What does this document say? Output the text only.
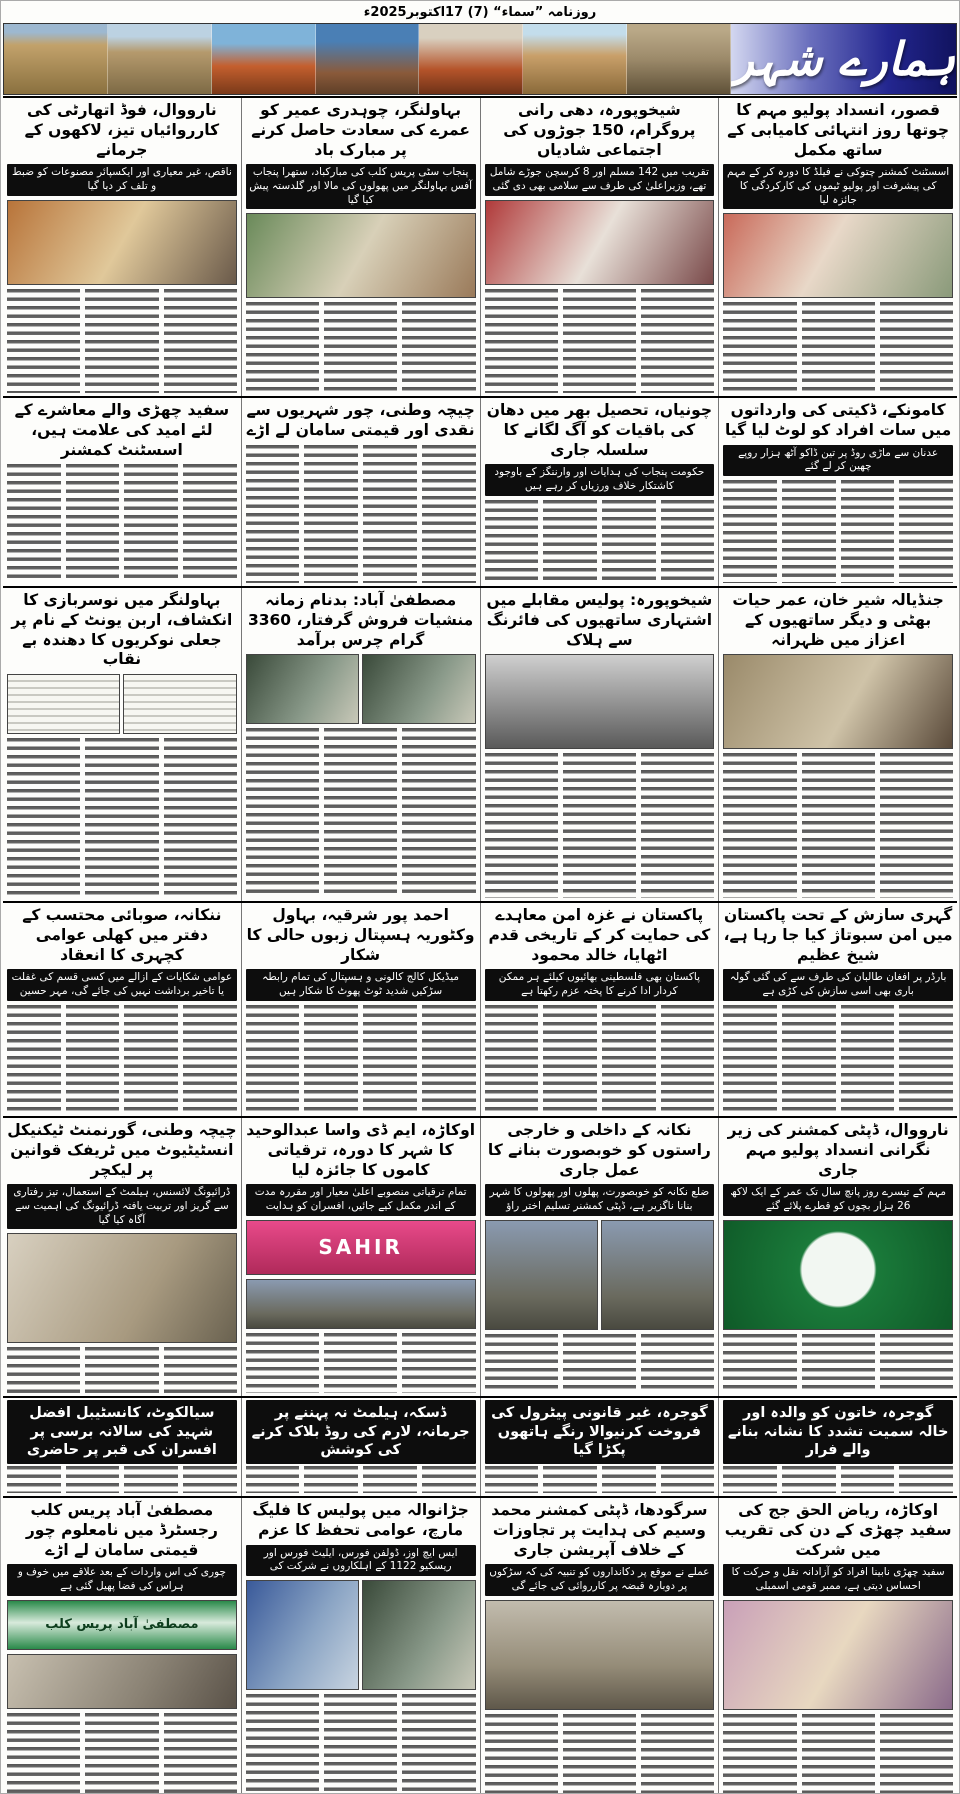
روزنامہ ”سماء“ (7) 17اکتوبر2025ء
ہمارے شہر
قصور، انسداد پولیو مہم کا چوتھا روز انتہائی کامیابی کے ساتھ مکمل
اسسٹنٹ کمشنر چتوکی نے فیلڈ کا دورہ کر کے مہم کی پیشرفت اور پولیو ٹیموں کی کارکردگی کا جائزہ لیا
شیخوپورہ، دھی رانی پروگرام، 150 جوڑوں کی اجتماعی شادیاں
تقریب میں 142 مسلم اور 8 کرسچن جوڑے شامل تھے، وزیراعلیٰ کی طرف سے سلامی بھی دی گئی
بہاولنگر، چوہدری عمیر کو عمرے کی سعادت حاصل کرنے پر مبارک باد
پنجاب سٹی پریس کلب کی مبارکباد، ستھرا پنجاب آفس بہاولنگر میں پھولوں کی مالا اور گلدستہ پیش کیا گیا
نارووال، فوڈ اتھارٹی کی کارروائیاں تیز، لاکھوں کے جرمانے
ناقص، غیر معیاری اور ایکسپائر مصنوعات کو ضبط و تلف کر دیا گیا
کامونکے، ڈکیتی کی وارداتوں میں سات افراد کو لوٹ لیا گیا
عدنان سے ماڑی روڈ پر تین ڈاکو آٹھ ہزار روپے چھین کر لے گئے
چونیاں، تحصیل بھر میں دھان کی باقیات کو آگ لگانے کا سلسلہ جاری
حکومت پنجاب کی ہدایات اور وارننگز کے باوجود کاشتکار خلاف ورزیاں کر رہے ہیں
چیچہ وطنی، چور شہریوں سے نقدی اور قیمتی سامان لے اڑے
سفید چھڑی والے معاشرے کے لئے امید کی علامت ہیں، اسسٹنٹ کمشنر
جنڈیالہ شیر خان، عمر حیات بھٹی و دیگر ساتھیوں کے اعزاز میں ظہرانہ
شیخوپورہ: پولیس مقابلے میں اشتہاری ساتھیوں کی فائرنگ سے ہلاک
مصطفیٰ آباد: بدنام زمانہ منشیات فروش گرفتار، 3360 گرام چرس برآمد
بہاولنگر میں نوسربازی کا انکشاف، اربن یونٹ کے نام پر جعلی نوکریوں کا دھندہ بے نقاب
گہری سازش کے تحت پاکستان میں امن سبوتاژ کیا جا رہا ہے، شیخ عظیم
بارڈر پر افغان طالبان کی طرف سے کی گئی گولہ باری بھی اسی سازش کی کڑی ہے
پاکستان نے غزہ امن معاہدے کی حمایت کر کے تاریخی قدم اٹھایا، خالد محمود
پاکستان بھی فلسطینی بھائیوں کیلئے ہر ممکن کردار ادا کرنے کا پختہ عزم رکھتا ہے
احمد پور شرقیہ، بہاول وکٹوریہ ہسپتال زبوں حالی کا شکار
میڈیکل کالج کالونی و ہسپتال کی تمام رابطہ سڑکیں شدید ٹوٹ پھوٹ کا شکار ہیں
ننکانہ، صوبائی محتسب کے دفتر میں کھلی عوامی کچہری کا انعقاد
عوامی شکایات کے ازالے میں کسی قسم کی غفلت یا تاخیر برداشت نہیں کی جائے گی، مہر حسین
نارووال، ڈپٹی کمشنر کی زیر نگرانی انسداد پولیو مہم جاری
مہم کے تیسرے روز پانچ سال تک عمر کے ایک لاکھ 26 ہزار بچوں کو قطرے پلائے گئے
نکانہ کے داخلی و خارجی راستوں کو خوبصورت بنانے کا عمل جاری
ضلع نکانہ کو خوبصورت، پھلوں اور پھولوں کا شہر بنانا ناگزیر ہے، ڈپٹی کمشنر تسلیم اختر راؤ
اوکاڑہ، ایم ڈی واسا عبدالوحید کا شہر کا دورہ، ترقیاتی کاموں کا جائزہ لیا
تمام ترقیاتی منصوبے اعلیٰ معیار اور مقررہ مدت کے اندر مکمل کیے جائیں، افسران کو ہدایت
SAHIR
چیچہ وطنی، گورنمنٹ ٹیکنیکل انسٹیٹیوٹ میں ٹریفک قوانین پر لیکچر
ڈرائیونگ لائسنس، ہیلمٹ کے استعمال، تیز رفتاری سے گریز اور تربیت یافتہ ڈرائیونگ کی اہمیت سے آگاہ کیا گیا
گوجرہ، خاتون کو والدہ اور خالہ سمیت تشدد کا نشانہ بنانے والے فرار
گوجرہ، غیر قانونی پیٹرول کی فروخت کرنیوالا رنگے ہاتھوں پکڑا گیا
ڈسکہ، ہیلمٹ نہ پہننے پر جرمانہ، لارم کی روڈ بلاک کرنے کی کوشش
سیالکوٹ، کانسٹیبل افضل شہید کی سالانہ برسی پر افسران کی قبر پر حاضری
اوکاڑہ، ریاض الحق جج کی سفید چھڑی کے دن کی تقریب میں شرکت
سفید چھڑی نابینا افراد کو آزادانہ نقل و حرکت کا احساس دیتی ہے، ممبر قومی اسمبلی
سرگودھا، ڈپٹی کمشنر محمد وسیم کی ہدایت پر تجاوزات کے خلاف آپریشن جاری
عملے نے موقع پر دکانداروں کو تنبیہ کی کہ سڑکوں پر دوبارہ قبضہ پر کارروائی کی جائے گی
جڑانوالہ میں پولیس کا فلیگ مارچ، عوامی تحفظ کا عزم
ایس ایچ اوز، ڈولفن فورس، ایلیٹ فورس اور ریسکیو 1122 کے اہلکاروں نے شرکت کی
مصطفیٰ آباد پریس کلب رجسٹرڈ میں نامعلوم چور قیمتی سامان لے اڑے
چوری کی اس واردات کے بعد علاقے میں خوف و ہراس کی فضا پھیل گئی ہے
مصطفیٰ آباد پریس کلب
